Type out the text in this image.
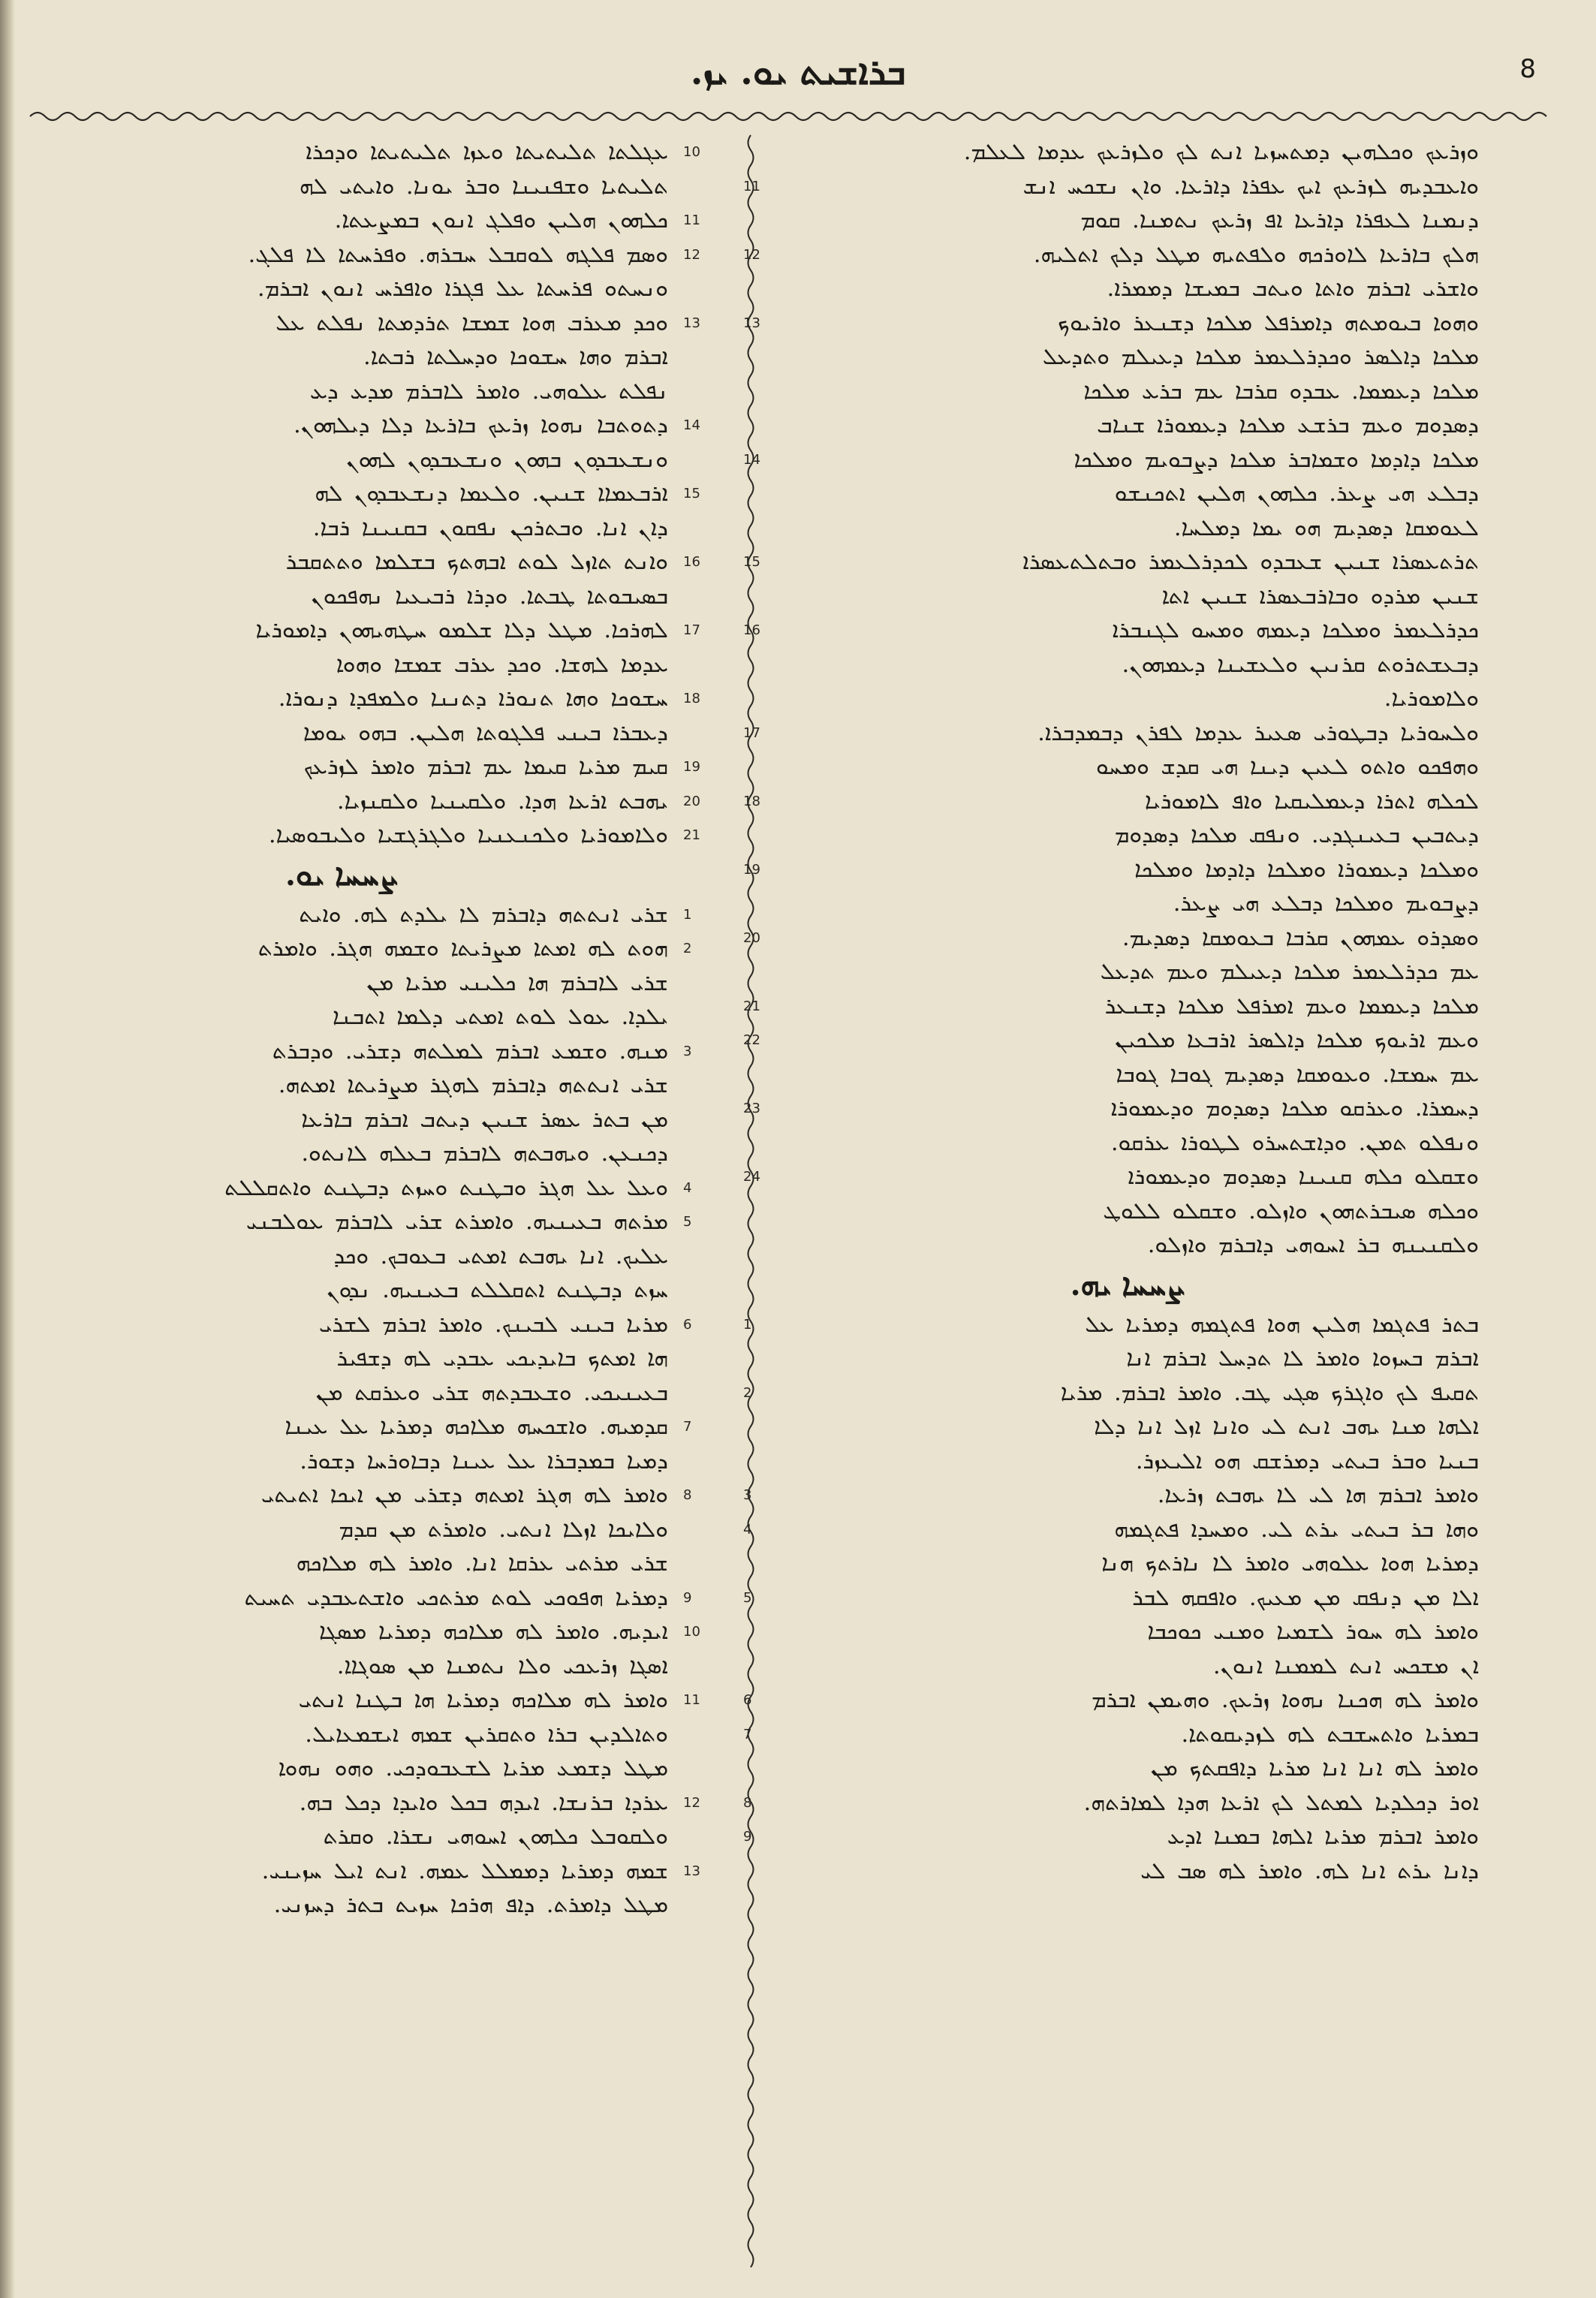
ܒܪܐܫܝܬ ܝܘ. ܝܙ.	8
ܘܙܪܥܟ ܘܟܠܗܝܢ ܕܡܬܚܙܝܐ ܐܢܬ ܠܟ ܘܠܙܪܥܟ ܥܕܡܐ ܠܥܠܡ.
11	ܘܐܥܒܕܝܗ ܠܙܪܥܟ ܐܝܟ ܥܦܪܐ ܕܐܪܥܐ. ܘܐܢ ܢܫܟܚ ܐܢܫ
ܕܢܡܢܐ ܠܥܦܪܐ ܕܐܪܥܐ ܐܦ ܙܪܥܟ ܢܬܡܢܐ. ܩܘܡ
12	ܗܠܟ ܒܐܪܥܐ ܠܐܘܪܟܗ ܘܠܦܬܝܗ ܡܛܠ ܕܠܟ ܐܬܠܝܗ.
ܘܐܫܪܝ ܐܒܪܡ ܘܐܬܐ ܘܝܬܒ ܒܡܝܫܐ ܕܡܡܪܐ.
13	ܘܗܘܐ ܒܝܘܡܬܗ ܕܐܡܪܦܠ ܡܠܟܐ ܕܫܢܥܪ ܘܐܪܝܘܟ
ܡܠܟܐ ܕܐܠܣܪ ܘܟܕܪܠܥܡܪ ܡܠܟܐ ܕܥܝܠܡ ܘܬܕܥܠ
ܡܠܟܐ ܕܥܡܡܐ. ܥܒܕܘ ܩܪܒܐ ܥܡ ܒܪܥ ܡܠܟܐ
ܕܣܕܘܡ ܘܥܡ ܒܪܫܥ ܡܠܟܐ ܕܥܡܘܪܐ ܫܢܐܒ
14	ܡܠܟܐ ܕܐܕܡܐ ܘܫܡܐܒܪ ܡܠܟܐ ܕܨܒܘܝܡ ܘܡܠܟܐ
ܕܒܠܥ ܗܝ ܨܥܪ. ܟܠܗܘܢ ܗܠܝܢ ܐܬܟܢܫܘ
ܠܥܘܡܩܐ ܕܣܕܝܡ ܗܘ ܝܡܐ ܕܡܠܚܐ.
15	ܬܪܬܥܣܪܐ ܫܢܝܢ ܫܥܒܕܘ ܠܟܕܪܠܥܡܪ ܘܒܬܠܬܥܣܪܐ
ܫܢܝܢ ܡܪܕܘ ܘܒܐܪܒܥܣܪܐ ܫܢܝܢ ܐܬܐ
16	ܟܕܪܠܥܡܪ ܘܡܠܟܐ ܕܥܡܗ ܘܡܚܘ ܠܓܢܒܪܐ
ܕܒܥܫܬܪܘܬ ܩܪܢܝܢ ܘܠܥܫܝܢܐ ܕܥܡܗܘܢ.
ܘܠܐܡܘܪܝܐ.
17	ܘܠܚܘܪܝܐ ܕܒܛܘܪܝ ܣܥܝܪ ܥܕܡܐ ܠܦܪܢ ܕܒܡܕܒܪܐ.
ܘܗܦܟܘ ܘܐܬܘ ܠܥܝܢ ܕܝܢܐ ܗܝ ܩܕܫ ܘܡܚܘ
18	ܠܟܠܗ ܐܬܪܐ ܕܥܡܠܝܩܝܐ ܘܐܦ ܠܐܡܘܪܝܐ
ܕܝܬܒܝܢ ܒܥܝܢܓܕܝ. ܘܢܦܩ ܡܠܟܐ ܕܣܕܘܡ
19	ܘܡܠܟܐ ܕܥܡܘܪܐ ܘܡܠܟܐ ܕܐܕܡܐ ܘܡܠܟܐ
ܕܨܒܘܝܡ ܘܡܠܟܐ ܕܒܠܥ ܗܝ ܨܥܪ.
20	ܘܣܕܪܘ ܥܡܗܘܢ ܩܪܒܐ ܒܥܘܡܩܐ ܕܣܕܝܡ.
ܥܡ ܟܕܪܠܥܡܪ ܡܠܟܐ ܕܥܝܠܡ ܘܥܡ ܬܕܥܠ
21	ܡܠܟܐ ܕܥܡܡܐ ܘܥܡ ܐܡܪܦܠ ܡܠܟܐ ܕܫܢܥܪ
22	ܘܥܡ ܐܪܝܘܟ ܡܠܟܐ ܕܐܠܣܪ ܐܪܒܥܐ ܡܠܟܝܢ
ܥܡ ܚܡܫܐ. ܘܥܘܡܩܐ ܕܣܕܝܡ ܓܘܒܐ ܓܘܒܐ
23	ܕܚܡܪܐ. ܘܥܪܩܘ ܡܠܟܐ ܕܣܕܘܡ ܘܕܥܡܘܪܐ
ܘܢܦܠܘ ܬܡܢ. ܘܕܐܫܬܚܪܘ ܠܛܘܪܐ ܥܪܩܘ.
24	ܘܫܩܠܘ ܟܠܗ ܩܢܝܢܐ ܕܣܕܘܡ ܘܕܥܡܘܪܐ
ܘܟܠܗ ܣܝܒܪܬܗܘܢ ܘܐܙܠܘ. ܘܫܩܠܘ ܠܠܘܛ
ܘܠܩܢܝܢܗ ܒܪ ܐܚܘܗܝ ܕܐܒܪܡ ܘܐܙܠܘ.
ܨܚܚܐ ܝܗ.
1	ܒܬܪ ܦܬܓܡܐ ܗܠܝܢ ܗܘܐ ܦܬܓܡܗ ܕܡܪܝܐ ܥܠ
ܐܒܪܡ ܒܚܙܘܐ ܘܐܡܪ ܠܐ ܬܕܚܠ ܐܒܪܡ ܐܢܐ
2	ܬܩܝܦ ܠܟ ܘܐܓܪܟ ܣܓܝ ܛܒ. ܘܐܡܪ ܐܒܪܡ. ܡܪܝܐ
ܐܠܗܐ ܡܢܐ ܝܗܒ ܐܢܬ ܠܝ ܘܐܢܐ ܐܙܠ ܐܢܐ ܕܠܐ
ܒܢܝܐ ܘܒܪ ܒܝܬܝ ܕܡܪܫܩ ܗܘ ܐܠܝܥܙܪ.
3	ܘܐܡܪ ܐܒܪܡ ܗܐ ܠܝ ܠܐ ܝܗܒܬ ܙܪܥܐ.
4	ܘܗܐ ܒܪ ܒܝܬܝ ܝܪܬ ܠܝ. ܘܡܚܕܐ ܦܬܓܡܗ
ܕܡܪܝܐ ܗܘܐ ܥܠܘܗܝ ܘܐܡܪ ܠܐ ܢܐܪܬܟ ܗܢܐ
5	ܐܠܐ ܡܢ ܕܢܦܩ ܡܢ ܡܥܝܟ. ܘܐܦܩܗ ܠܒܪ
ܘܐܡܪ ܠܗ ܚܘܪ ܠܫܡܝܐ ܘܡܢܝ ܟܘܟܒܐ
ܐܢ ܡܫܟܚ ܐܢܬ ܠܡܡܢܐ ܐܢܘܢ.
6	ܘܐܡܪ ܠܗ ܗܟܢܐ ܢܗܘܐ ܙܪܥܟ. ܘܗܝܡܢ ܐܒܪܡ
7	ܒܡܪܝܐ ܘܐܬܚܫܒܬ ܠܗ ܠܙܕܝܩܘܬܐ.
ܘܐܡܪ ܠܗ ܐܢܐ ܐܢܐ ܡܪܝܐ ܕܐܦܩܬܟ ܡܢ
8	ܐܘܪ ܕܟܠܕܝܐ ܠܡܬܠ ܠܟ ܐܪܥܐ ܗܕܐ ܠܡܐܪܬܗ.
9	ܘܐܡܪ ܐܒܪܡ ܡܪܝܐ ܐܠܗܐ ܒܡܢܐ ܐܕܥ
ܕܐܢܐ ܝܪܬ ܐܢܐ ܠܗ. ܘܐܡܪ ܠܗ ܣܒ ܠܝ
10
ܥܓܠܬܐ ܬܠܝܬܝܬܐ ܘܥܙܐ ܬܠܝܬܝܬܐ ܘܕܟܪܐ
ܬܠܝܬܝܐ ܘܫܦܢܝܢܐ ܘܒܪ ܝܘܢܐ. ܘܐܝܬܝ ܠܗ
11
ܟܠܗܘܢ ܗܠܝܢ ܘܦܠܓ ܐܢܘܢ ܒܡܨܥܬܐ.
12
ܘܣܡ ܦܠܓܗ ܠܘܩܒܠ ܚܒܪܗ. ܘܦܪܚܬܐ ܠܐ ܦܠܓ.
ܘܢܚܬܘ ܦܪܚܬܐ ܥܠ ܦܓܪܐ ܘܐܦܪܚ ܐܢܘܢ ܐܒܪܡ.
13
ܘܟܕ ܡܥܪܒ ܗܘܐ ܫܡܫܐ ܬܪܕܡܬܐ ܢܦܠܬ ܥܠ
ܐܒܪܡ ܘܗܐ ܚܫܘܟܐ ܘܕܚܠܬܐ ܪܒܬܐ.
ܢܦܠܬ ܥܠܘܗܝ. ܘܐܡܪ ܠܐܒܪܡ ܡܕܥ ܕܥ
14
ܕܬܘܬܒܐ ܢܗܘܐ ܙܪܥܟ ܒܐܪܥܐ ܕܠܐ ܕܝܠܗܘܢ.
ܘܢܫܥܒܕܘܢ ܒܗܘܢ ܘܢܫܥܒܕܘܢ ܠܗܘܢ
15
ܐܪܒܥܡܐܐ ܫܢܝܢ. ܘܠܥܡܐ ܕܢܫܥܒܕܘܢ ܠܗ
ܕܐܢ ܐܢܐ. ܘܒܬܪܟܢ ܢܦܩܘܢ ܒܩܢܝܢܐ ܪܒܐ.
16
ܘܐܢܬ ܬܐܙܠ ܠܘܬ ܐܒܗܬܟ ܒܫܠܡܐ ܘܬܬܩܒܪ
ܒܣܝܒܘܬܐ ܛܒܬܐ. ܘܕܪܐ ܪܒܝܥܝܐ ܢܗܦܟܘܢ
17
ܠܗܪܟܐ. ܡܛܠ ܕܠܐ ܫܠܡܘ ܚܛܗܝܗܘܢ ܕܐܡܘܪܝܐ
ܥܕܡܐ ܠܗܫܐ. ܘܟܕ ܥܪܒ ܫܡܫܐ ܘܗܘܐ
18
ܚܫܘܟܐ ܘܗܐ ܬܢܘܪܐ ܕܬܢܢܐ ܘܠܡܦܕܐ ܕܢܘܪܐ.
ܕܥܒܪܐ ܒܝܢܝ ܦܠܓܘܬܐ ܗܠܝܢ. ܒܗܘ ܝܘܡܐ
19
ܩܝܡ ܡܪܝܐ ܩܝܡܐ ܥܡ ܐܒܪܡ ܘܐܡܪ ܠܙܪܥܟ
20
ܝܗܒܬ ܐܪܥܐ ܗܕܐ. ܘܠܩܝܢܝܐ ܘܠܩܢܙܝܐ.
21
ܘܠܐܡܘܪܝܐ ܘܠܟܢܥܢܝܐ ܘܠܓܪܓܫܝܐ ܘܠܝܒܘܣܝܐ.
ܨܚܚܐ ܝܘ.
1
ܫܪܝ ܐܢܬܬܗ ܕܐܒܪܡ ܠܐ ܝܠܕܬ ܠܗ. ܘܐܝܬ
2
ܗܘܬ ܠܗ ܐܡܬܐ ܡܨܪܝܬܐ ܘܫܡܗ ܗܓܪ. ܘܐܡܪܬ
ܫܪܝ ܠܐܒܪܡ ܗܐ ܟܠܝܢܝ ܡܪܝܐ ܡܢ
ܝܠܕܐ. ܥܘܠ ܠܘܬ ܐܡܬܝ ܕܠܡܐ ܐܬܒܢܐ
3
ܡܢܗ. ܘܫܡܥ ܐܒܪܡ ܠܡܠܬܗ ܕܫܪܝ. ܘܕܒܪܬ
ܫܪܝ ܐܢܬܬܗ ܕܐܒܪܡ ܠܗܓܪ ܡܨܪܝܬܐ ܐܡܬܗ.
ܡܢ ܒܬܪ ܥܣܪ ܫܢܝܢ ܕܝܬܒ ܐܒܪܡ ܒܐܪܥܐ
ܕܟܢܥܢ. ܘܝܗܒܬܗ ܠܐܒܪܡ ܒܥܠܗ ܠܐܢܬܘ.
4
ܘܥܠ ܥܠ ܗܓܪ ܘܒܛܢܬ ܘܚܙܬ ܕܒܛܢܬ ܘܐܬܩܠܠܬ
5
ܡܪܬܗ ܒܥܝܢܝܗ. ܘܐܡܪܬ ܫܪܝ ܠܐܒܪܡ ܥܘܠܒܢܝ
ܥܠܝܟ. ܐܢܐ ܝܗܒܬ ܐܡܬܝ ܒܥܘܒܟ. ܘܟܕ
ܚܙܬ ܕܒܛܢܬ ܐܬܩܠܠܬ ܒܥܝܢܝܗ. ܢܕܘܢ
6
ܡܪܝܐ ܒܝܢܝ ܠܒܝܢܟ. ܘܐܡܪ ܐܒܪܡ ܠܫܪܝ
ܗܐ ܐܡܬܟ ܒܐܝܕܝܟܝ ܥܒܕܝ ܠܗ ܕܫܦܝܪ
ܒܥܝܢܝܟܝ. ܘܫܥܒܕܬܗ ܫܪܝ ܘܥܪܩܬ ܡܢ
7
ܩܕܡܝܗ. ܘܐܫܟܚܗ ܡܠܐܟܗ ܕܡܪܝܐ ܥܠ ܥܝܢܐ
ܕܡܝܐ ܒܡܕܒܪܐ ܥܠ ܥܝܢܐ ܕܒܐܘܪܚܐ ܕܫܘܪ.
8
ܘܐܡܪ ܠܗ ܗܓܪ ܐܡܬܗ ܕܫܪܝ ܡܢ ܐܝܟܐ ܐܬܝܬܝ
ܘܠܐܝܟܐ ܐܙܠܐ ܐܢܬܝ. ܘܐܡܪܬ ܡܢ ܩܕܡ
ܫܪܝ ܡܪܬܝ ܥܪܩܐ ܐܢܐ. ܘܐܡܪ ܠܗ ܡܠܐܟܗ
9
ܕܡܪܝܐ ܗܦܘܟܝ ܠܘܬ ܡܪܬܟܝ ܘܐܫܬܥܒܕܝ ܬܚܝܬ
10
ܐܝܕܝܗ. ܘܐܡܪ ܠܗ ܡܠܐܟܗ ܕܡܪܝܐ ܡܣܓܐ
ܐܣܓܐ ܙܪܥܟܝ ܘܠܐ ܢܬܡܢܐ ܡܢ ܣܘܓܐܐ.
11
ܘܐܡܪ ܠܗ ܡܠܐܟܗ ܕܡܪܝܐ ܗܐ ܒܛܢܐ ܐܢܬܝ
ܘܬܐܠܕܝܢ ܒܪܐ ܘܬܩܪܝܢ ܫܡܗ ܐܝܫܡܥܐܝܠ.
ܡܛܠ ܕܫܡܥ ܡܪܝܐ ܠܫܥܒܘܕܟܝ. ܘܗܘ ܢܗܘܐ
12
ܥܪܕܐ ܒܪܢܫܐ. ܐܝܕܗ ܒܟܠ ܘܐܝܕܐ ܕܟܠ ܒܗ.
ܘܠܩܘܒܠ ܟܠܗܘܢ ܐܚܘܗܝ ܢܫܪܐ. ܘܩܪܬ
13
ܫܡܗ ܕܡܪܝܐ ܕܡܡܠܠ ܥܡܗ. ܐܢܬ ܐܝܠ ܚܙܝܢܝ.
ܡܛܠ ܕܐܡܪܬ. ܕܐܦ ܗܪܟܐ ܚܙܝܬ ܒܬܪ ܕܚܙܢܝ.
